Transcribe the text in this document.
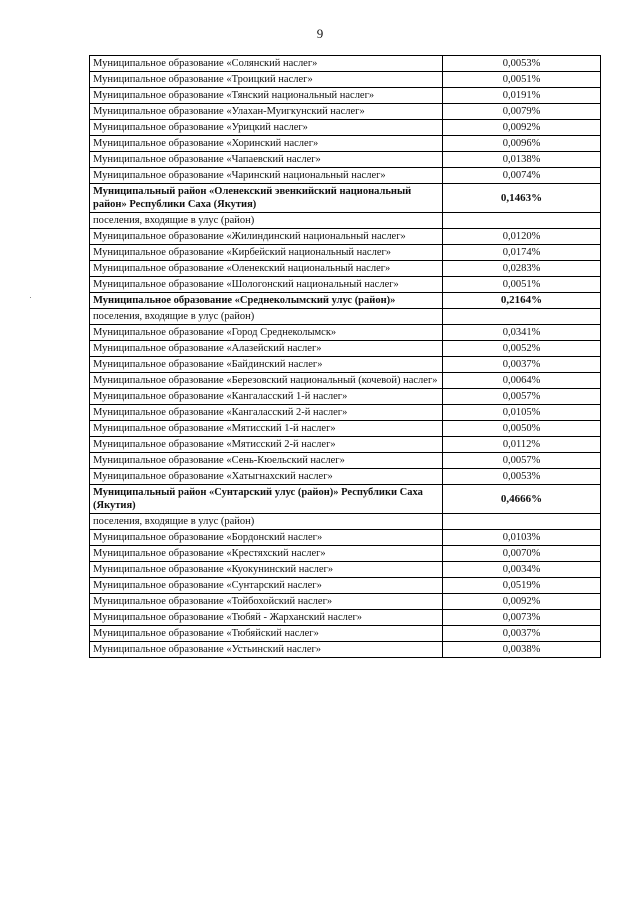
9
Муниципальное образование «Солянский наслег»	0,0053%
Муниципальное образование «Троицкий наслег»	0,0051%
Муниципальное образование «Тянский национальный наслег»	0,0191%
Муниципальное образование «Улахан-Муигкунский наслег»	0,0079%
Муниципальное образование «Урицкий наслег»	0,0092%
Муниципальное образование «Хоринский наслег»	0,0096%
Муниципальное образование «Чапаевский наслег»	0,0138%
Муниципальное образование «Чаринский национальный наслег»	0,0074%
Муниципальный район «Оленекский эвенкийский национальный район» Республики Саха (Якутия)	0,1463%
поселения, входящие в улус (район)	
Муниципальное образование «Жилиндинский национальный наслег»	0,0120%
Муниципальное образование «Кирбейский национальный наслег»	0,0174%
Муниципальное образование «Оленекский национальный наслег»	0,0283%
Муниципальное образование «Шологонский национальный наслег»	0,0051%
Муниципальное образование «Среднеколымский улус (район)»	0,2164%
поселения, входящие в улус (район)	
Муниципальное образование «Город Среднеколымск»	0,0341%
Муниципальное образование «Алазейский наслег»	0,0052%
Муниципальное образование «Байдинский наслег»	0,0037%
Муниципальное образование «Березовский национальный (кочевой) наслег»	0,0064%
Муниципальное образование «Кангаласский 1-й наслег»	0,0057%
Муниципальное образование «Кангаласский 2-й наслег»	0,0105%
Муниципальное образование «Мятисский 1-й наслег»	0,0050%
Муниципальное образование «Мятисский 2-й наслег»	0,0112%
Муниципальное образование «Сень-Кюельский наслег»	0,0057%
Муниципальное образование «Хатыгнахский наслег»	0,0053%
Муниципальный район «Сунтарский улус (район)» Республики Саха (Якутия)	0,4666%
поселения, входящие в улус (район)	
Муниципальное образование «Бордонский наслег»	0,0103%
Муниципальное образование «Крестяхский наслег»	0,0070%
Муниципальное образование «Куокунинский наслег»	0,0034%
Муниципальное образование «Сунтарский наслег»	0,0519%
Муниципальное образование «Тойбохойский наслег»	0,0092%
Муниципальное образование «Тюбяй - Жарханский наслег»	0,0073%
Муниципальное образование «Тюбяйский наслег»	0,0037%
Муниципальное образование «Устьинский наслег»	0,0038%
